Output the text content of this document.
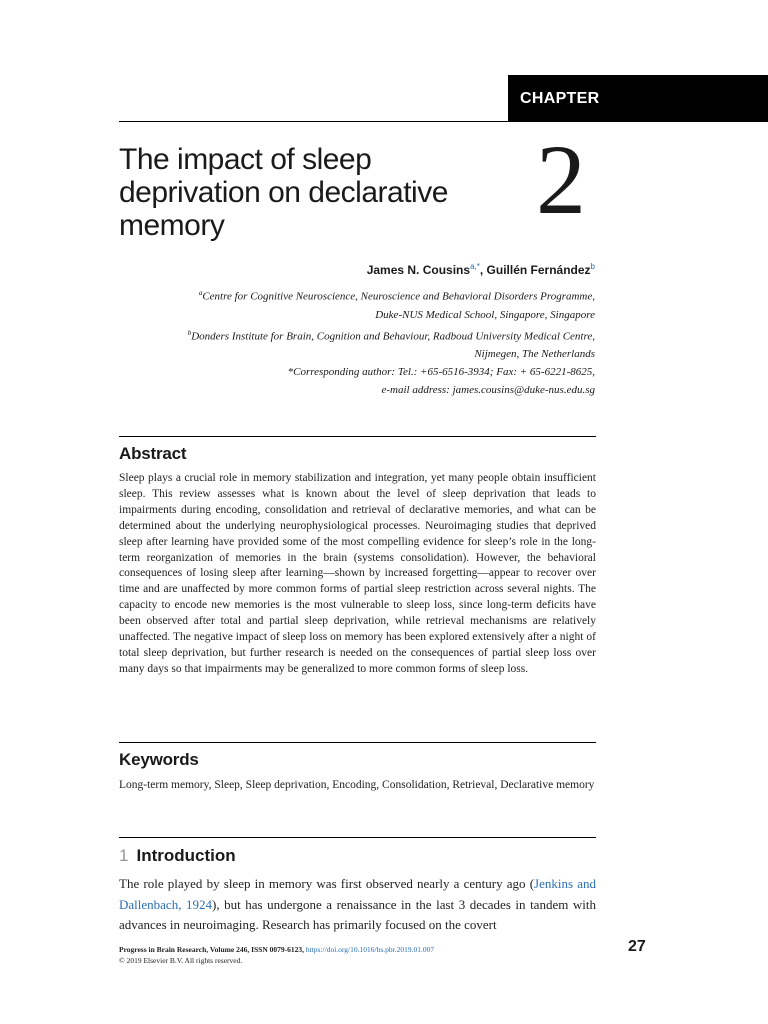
CHAPTER
The impact of sleep
deprivation on declarative
memory	2
James N. Cousins$^{a,*}$, Guillén Fernández$^b$

$^a$Centre for Cognitive Neuroscience, Neuroscience and Behavioral Disorders Programme,

Duke-NUS Medical School, Singapore, Singapore

$^b$Donders Institute for Brain, Cognition and Behaviour, Radboud University Medical Centre,

Nijmegen, The Netherlands

*Corresponding author: Tel.: +65-6516-3934; Fax: + 65-6221-8625,

e-mail address: james.cousins@duke-nus.edu.sg

Abstract

Sleep plays a crucial role in memory stabilization and integration, yet many people obtain insufficient sleep. This review assesses what is known about the level of sleep deprivation that leads to impairments during encoding, consolidation and retrieval of declarative memories, and what can be determined about the underlying neurophysiological processes. Neuroimaging studies that deprived sleep after learning have provided some of the most compelling evidence for sleep’s role in the long-term reorganization of memories in the brain (systems consolidation). However, the behavioral consequences of losing sleep after learning—shown by increased forgetting—appear to recover over time and are unaffected by more common forms of partial sleep restriction across several nights. The capacity to encode new memories is the most vulnerable to sleep loss, since long-term deficits have been observed after total and partial sleep deprivation, while retrieval mechanisms are relatively unaffected. The negative impact of sleep loss on memory has been explored extensively after a night of total sleep deprivation, but further research is needed on the consequences of partial sleep loss over many days so that impairments may be generalized to more common forms of sleep loss.

Keywords

Long-term memory, Sleep, Sleep deprivation, Encoding, Consolidation, Retrieval, Declarative memory

1 Introduction

The role played by sleep in memory was first observed nearly a century ago (Jenkins and Dallenbach, 1924), but has undergone a renaissance in the last 3 decades in tandem with advances in neuroimaging. Research has primarily focused on the covert

Progress in Brain Research, Volume 246, ISSN 0079-6123, https://doi.org/10.1016/bs.pbr.2019.01.007
© 2019 Elsevier B.V. All rights reserved.
27
